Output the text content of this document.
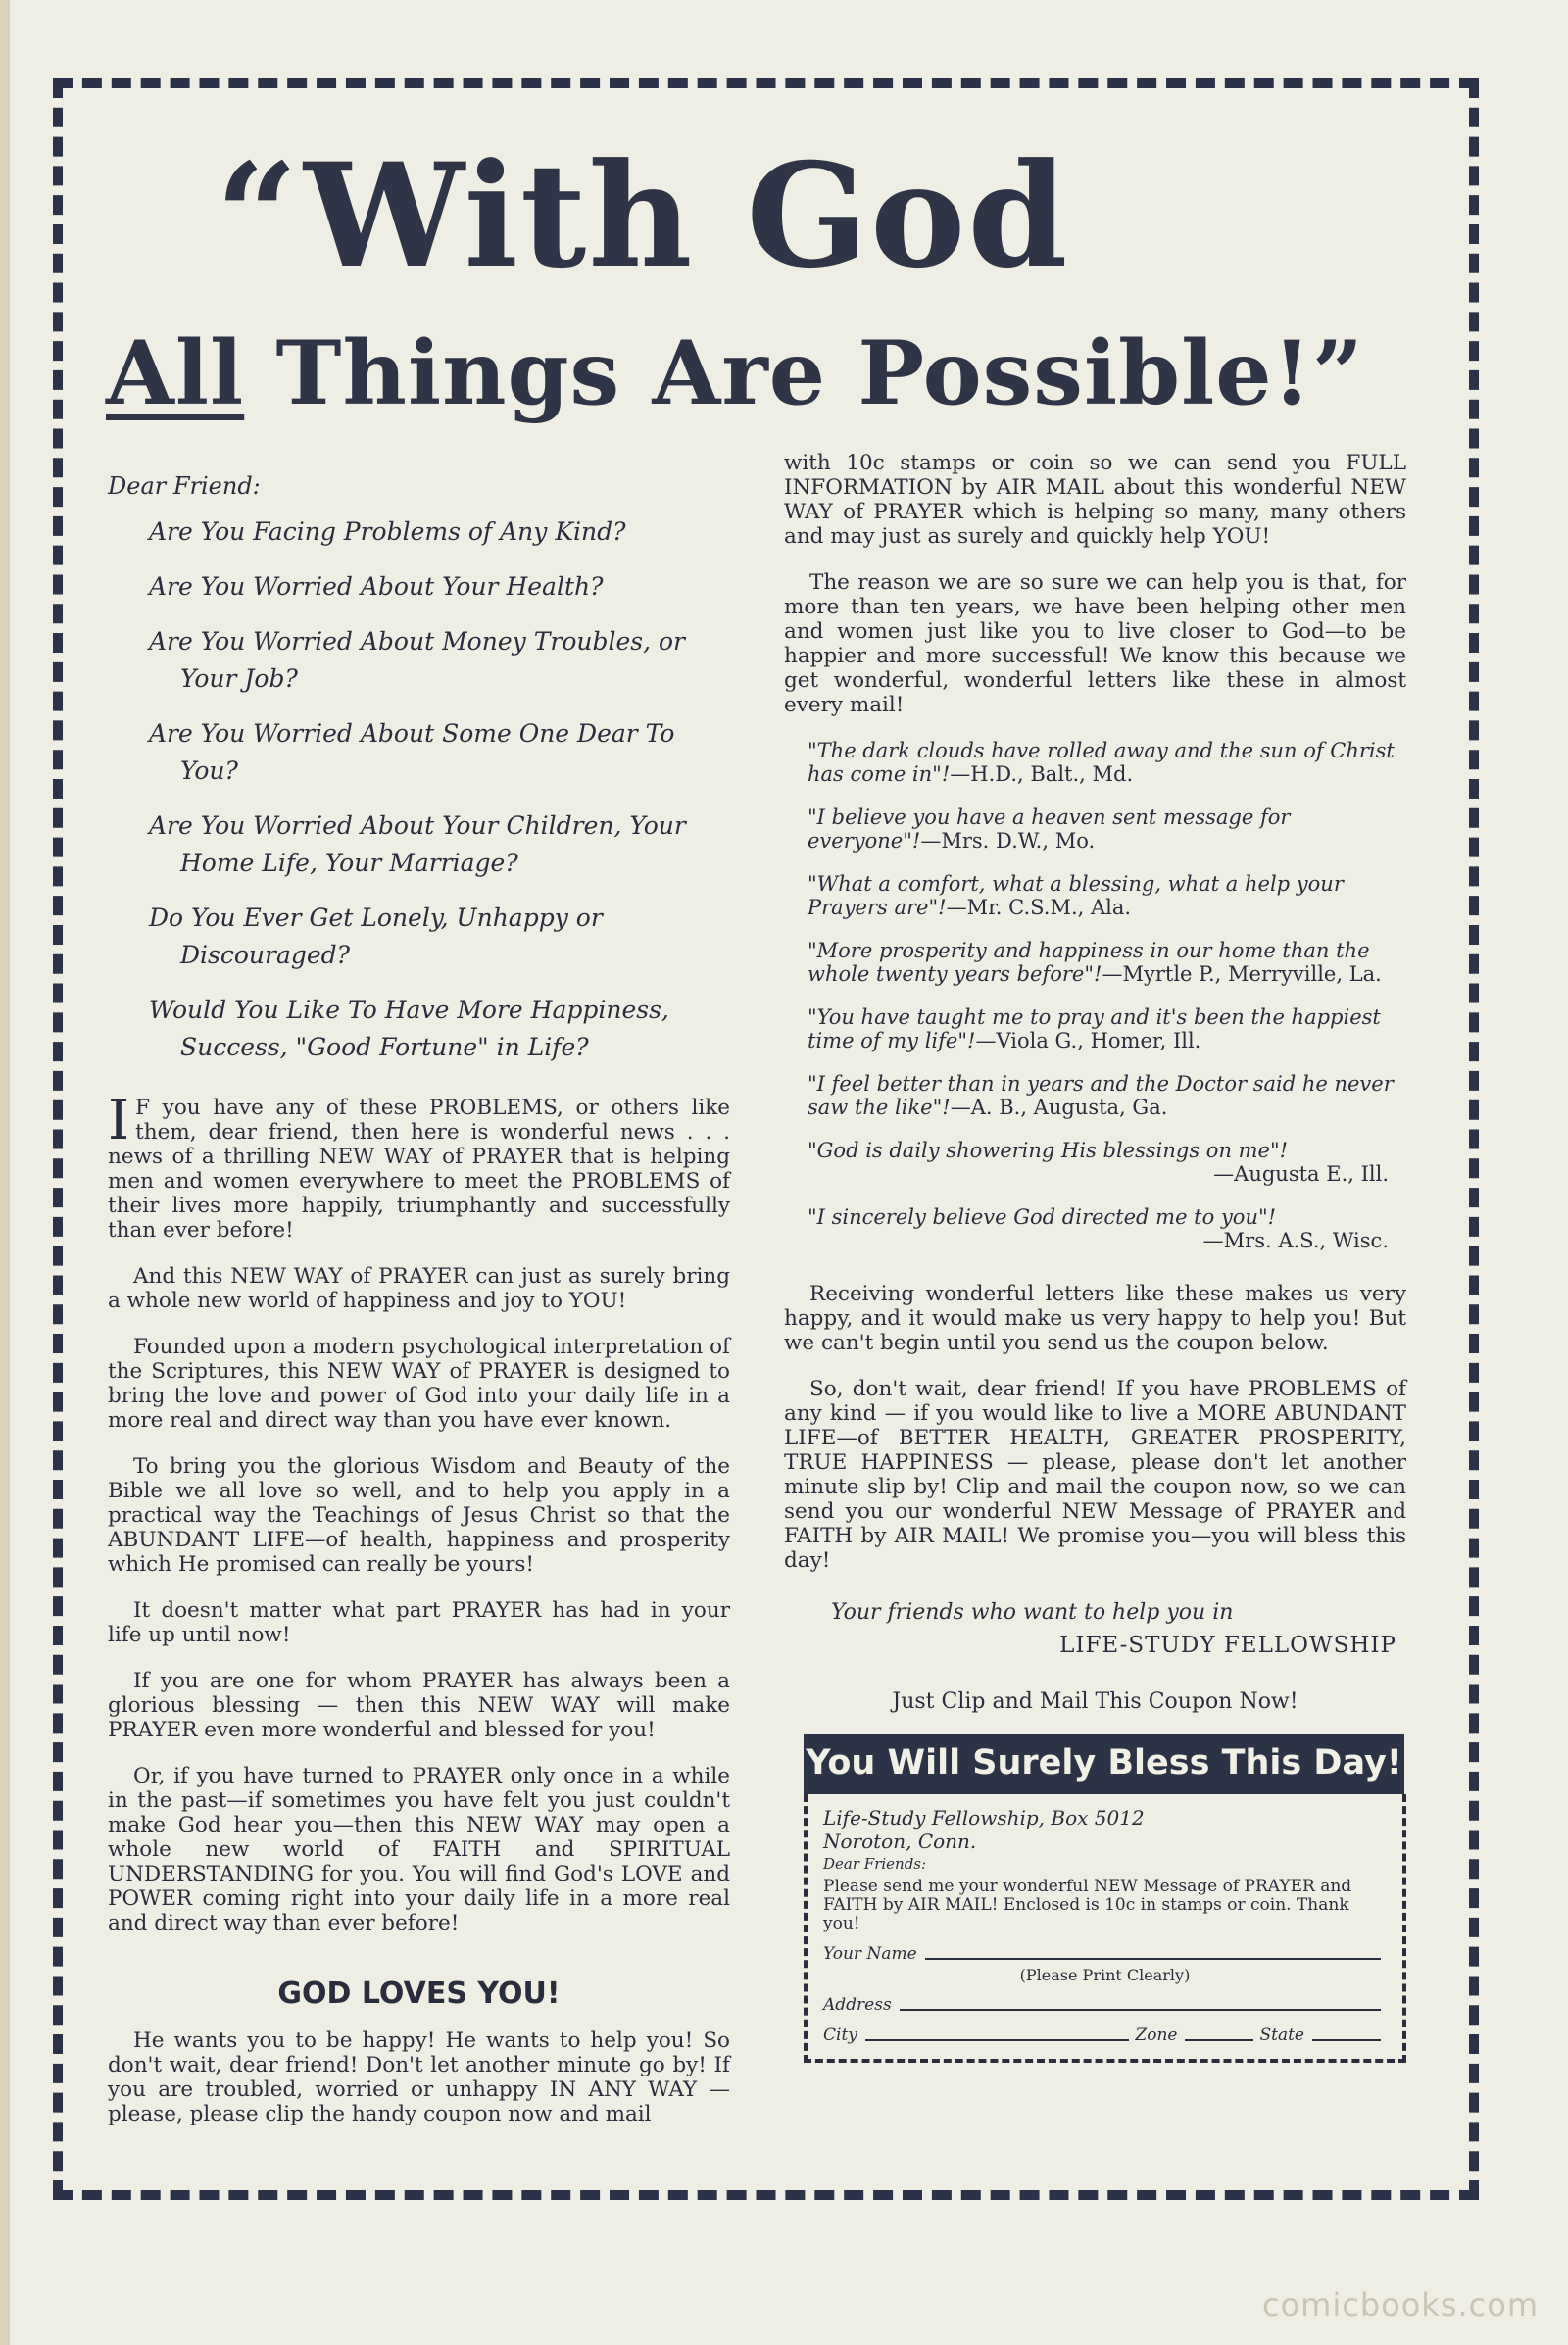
“With God
All Things Are Possible!”
Dear Friend:
Are You Facing Problems of Any Kind?
Are You Worried About Your Health?
Are You Worried About Money Troubles, or Your Job?
Are You Worried About Some One Dear To You?
Are You Worried About Your Children, Your Home Life, Your Marriage?
Do You Ever Get Lonely, Unhappy or Discouraged?
Would You Like To Have More Happiness, Success, "Good Fortune" in Life?
I F you have any of these PROBLEMS, or others like them, dear friend, then here is wonderful news . . . news of a thrilling NEW WAY of PRAYER that is helping men and women everywhere to meet the PROBLEMS of their lives more happily, triumphantly and successfully than ever before!
And this NEW WAY of PRAYER can just as surely bring a whole new world of happiness and joy to YOU!
Founded upon a modern psychological interpretation of the Scriptures, this NEW WAY of PRAYER is designed to bring the love and power of God into your daily life in a more real and direct way than you have ever known.
To bring you the glorious Wisdom and Beauty of the Bible we all love so well, and to help you apply in a practical way the Teachings of Jesus Christ so that the ABUNDANT LIFE—of health, happiness and prosperity which He promised can really be yours!
It doesn't matter what part PRAYER has had in your life up until now!
If you are one for whom PRAYER has always been a glorious blessing — then this NEW WAY will make PRAYER even more wonderful and blessed for you!
Or, if you have turned to PRAYER only once in a while in the past—if sometimes you have felt you just couldn't make God hear you—then this NEW WAY may open a whole new world of FAITH and SPIRITUAL UNDERSTANDING for you. You will find God's LOVE and POWER coming right into your daily life in a more real and direct way than ever before!
GOD LOVES YOU!
He wants you to be happy! He wants to help you! So don't wait, dear friend! Don't let another minute go by! If you are troubled, worried or unhappy IN ANY WAY —please, please clip the handy coupon now and mail
with 10c stamps or coin so we can send you FULL INFORMATION by AIR MAIL about this wonderful NEW WAY of PRAYER which is helping so many, many others and may just as surely and quickly help YOU!
The reason we are so sure we can help you is that, for more than ten years, we have been helping other men and women just like you to live closer to God—to be happier and more successful! We know this because we get wonderful, wonderful letters like these in almost every mail!
"The dark clouds have rolled away and the sun of Christ has come in"!—H.D., Balt., Md.
"I believe you have a heaven sent message for everyone"!—Mrs. D.W., Mo.
"What a comfort, what a blessing, what a help your Prayers are"!—Mr. C.S.M., Ala.
"More prosperity and happiness in our home than the whole twenty years before"!—Myrtle P., Merryville, La.
"You have taught me to pray and it's been the happiest time of my life"!—Viola G., Homer, Ill.
"I feel better than in years and the Doctor said he never saw the like"!—A. B., Augusta, Ga.
"God is daily showering His blessings on me"!
—Augusta E., Ill.
"I sincerely believe God directed me to you"!
—Mrs. A.S., Wisc.
Receiving wonderful letters like these makes us very happy, and it would make us very happy to help you! But we can't begin until you send us the coupon below.
So, don't wait, dear friend! If you have PROBLEMS of any kind — if you would like to live a MORE ABUNDANT LIFE—of BETTER HEALTH, GREATER PROSPERITY, TRUE HAPPINESS — please, please don't let another minute slip by! Clip and mail the coupon now, so we can send you our wonderful NEW Message of PRAYER and FAITH by AIR MAIL! We promise you—you will bless this day!
Your friends who want to help you in
LIFE-STUDY FELLOWSHIP
Just Clip and Mail This Coupon Now!
You Will Surely Bless This Day!
Life-Study Fellowship, Box 5012
Noroton, Conn.
Dear Friends:
Please send me your wonderful NEW Message of PRAYER and FAITH by AIR MAIL! Enclosed is 10c in stamps or coin. Thank you!
Your Name
(Please Print Clearly)
Address
City	Zone	State
comicbooks.com
